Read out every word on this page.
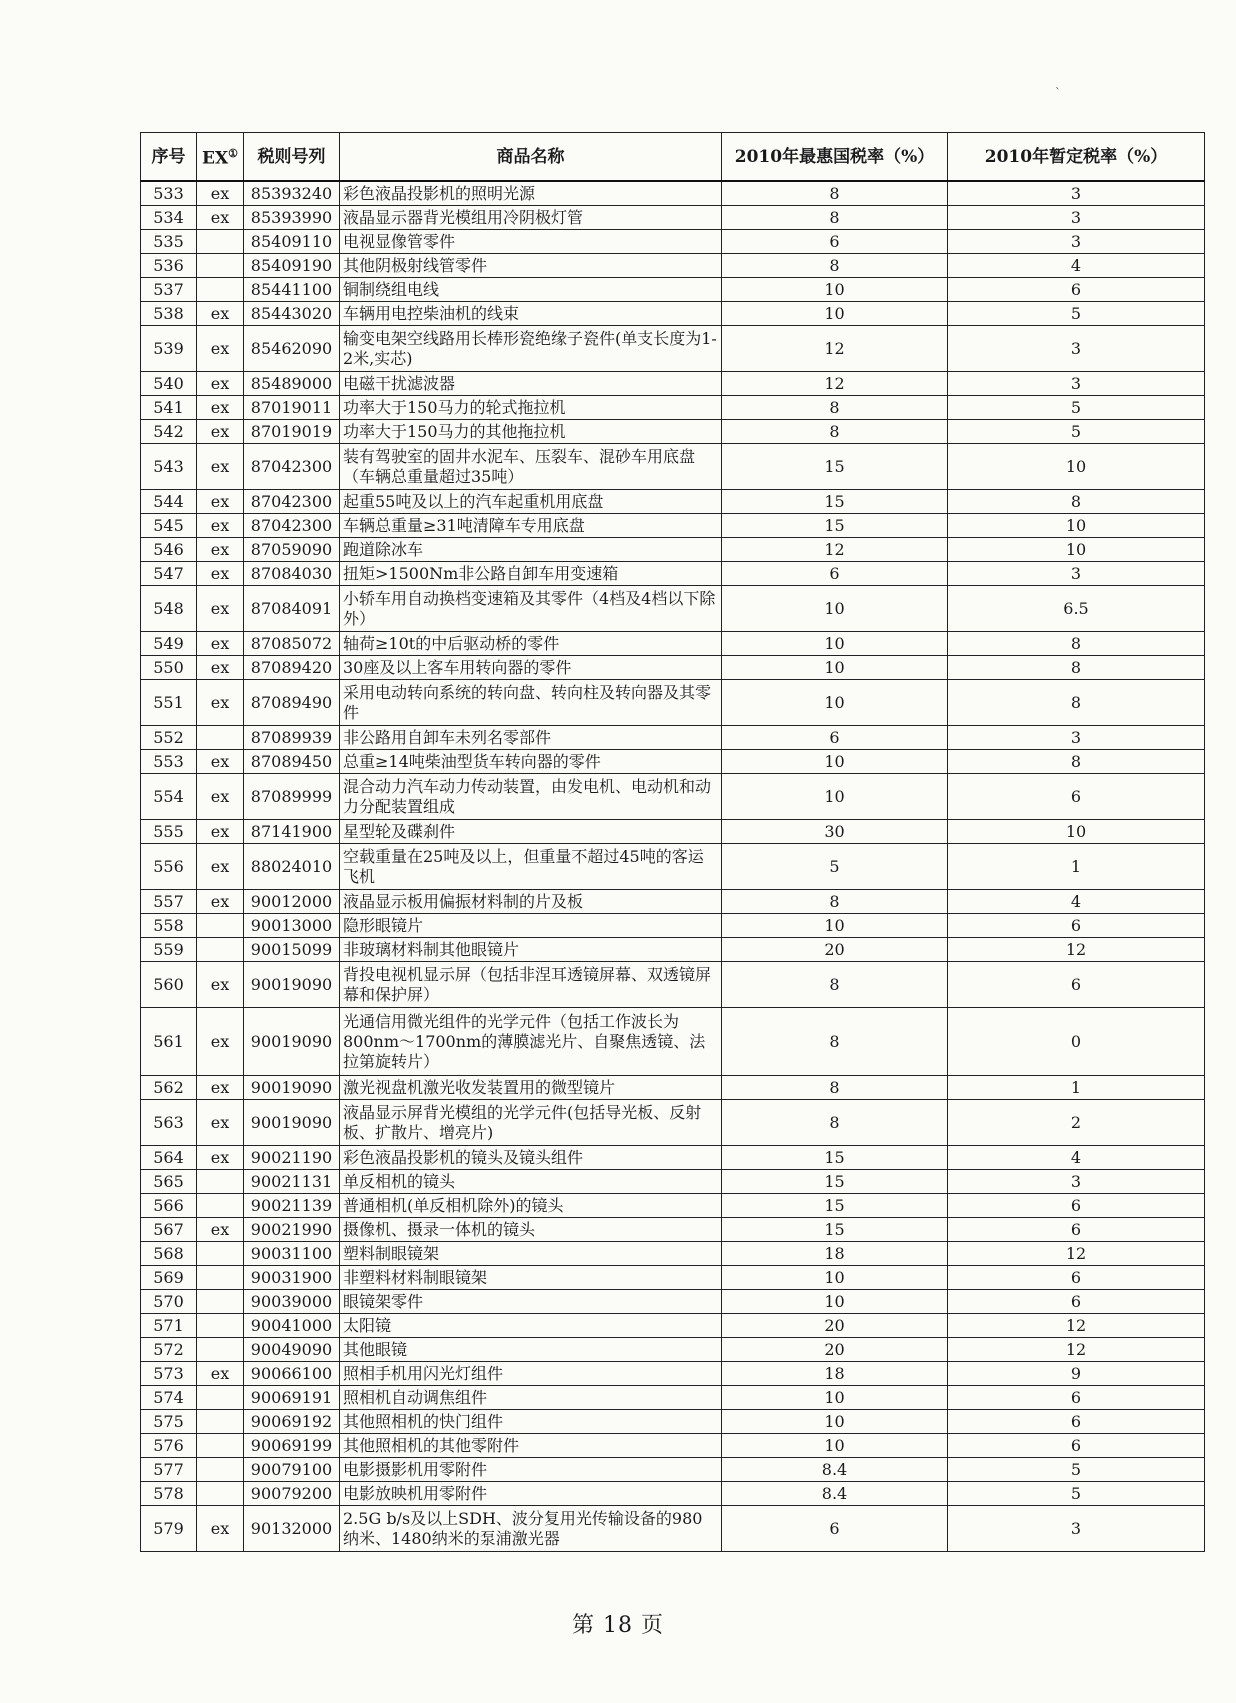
序号	EX①	税则号列	商品名称	2010年最惠国税率（%）	2010年暂定税率（%）
533	ex	85393240	彩色液晶投影机的照明光源	8	3
534	ex	85393990	液晶显示器背光模组用冷阴极灯管	8	3
535		85409110	电视显像管零件	6	3
536		85409190	其他阴极射线管零件	8	4
537		85441100	铜制绕组电线	10	6
538	ex	85443020	车辆用电控柴油机的线束	10	5
539	ex	85462090	输变电架空线路用长棒形瓷绝缘子瓷件(单支长度为1-2米,实芯)	12	3
540	ex	85489000	电磁干扰滤波器	12	3
541	ex	87019011	功率大于150马力的轮式拖拉机	8	5
542	ex	87019019	功率大于150马力的其他拖拉机	8	5
543	ex	87042300	装有驾驶室的固井水泥车、压裂车、混砂车用底盘 （车辆总重量超过35吨）	15	10
544	ex	87042300	起重55吨及以上的汽车起重机用底盘	15	8
545	ex	87042300	车辆总重量≥31吨清障车专用底盘	15	10
546	ex	87059090	跑道除冰车	12	10
547	ex	87084030	扭矩>1500Nm非公路自卸车用变速箱	6	3
548	ex	87084091	小轿车用自动换档变速箱及其零件（4档及4档以下除外）	10	6.5
549	ex	87085072	轴荷≥10t的中后驱动桥的零件	10	8
550	ex	87089420	30座及以上客车用转向器的零件	10	8
551	ex	87089490	采用电动转向系统的转向盘、转向柱及转向器及其零件	10	8
552		87089939	非公路用自卸车未列名零部件	6	3
553	ex	87089450	总重≥14吨柴油型货车转向器的零件	10	8
554	ex	87089999	混合动力汽车动力传动装置，由发电机、电动机和动力分配装置组成	10	6
555	ex	87141900	星型轮及碟刹件	30	10
556	ex	88024010	空载重量在25吨及以上，但重量不超过45吨的客运飞机	5	1
557	ex	90012000	液晶显示板用偏振材料制的片及板	8	4
558		90013000	隐形眼镜片	10	6
559		90015099	非玻璃材料制其他眼镜片	20	12
560	ex	90019090	背投电视机显示屏（包括非涅耳透镜屏幕、双透镜屏幕和保护屏）	8	6
561	ex	90019090	光通信用微光组件的光学元件（包括工作波长为800nm～1700nm的薄膜滤光片、自聚焦透镜、法拉第旋转片）	8	0
562	ex	90019090	激光视盘机激光收发装置用的微型镜片	8	1
563	ex	90019090	液晶显示屏背光模组的光学元件(包括导光板、反射板、扩散片、增亮片)	8	2
564	ex	90021190	彩色液晶投影机的镜头及镜头组件	15	4
565		90021131	单反相机的镜头	15	3
566		90021139	普通相机(单反相机除外)的镜头	15	6
567	ex	90021990	摄像机、摄录一体机的镜头	15	6
568		90031100	塑料制眼镜架	18	12
569		90031900	非塑料材料制眼镜架	10	6
570		90039000	眼镜架零件	10	6
571		90041000	太阳镜	20	12
572		90049090	其他眼镜	20	12
573	ex	90066100	照相手机用闪光灯组件	18	9
574		90069191	照相机自动调焦组件	10	6
575		90069192	其他照相机的快门组件	10	6
576		90069199	其他照相机的其他零附件	10	6
577		90079100	电影摄影机用零附件	8.4	5
578		90079200	电影放映机用零附件	8.4	5
579	ex	90132000	2.5G b/s及以上SDH、波分复用光传输设备的980纳米、1480纳米的泵浦激光器	6	3
`
第 18 页
